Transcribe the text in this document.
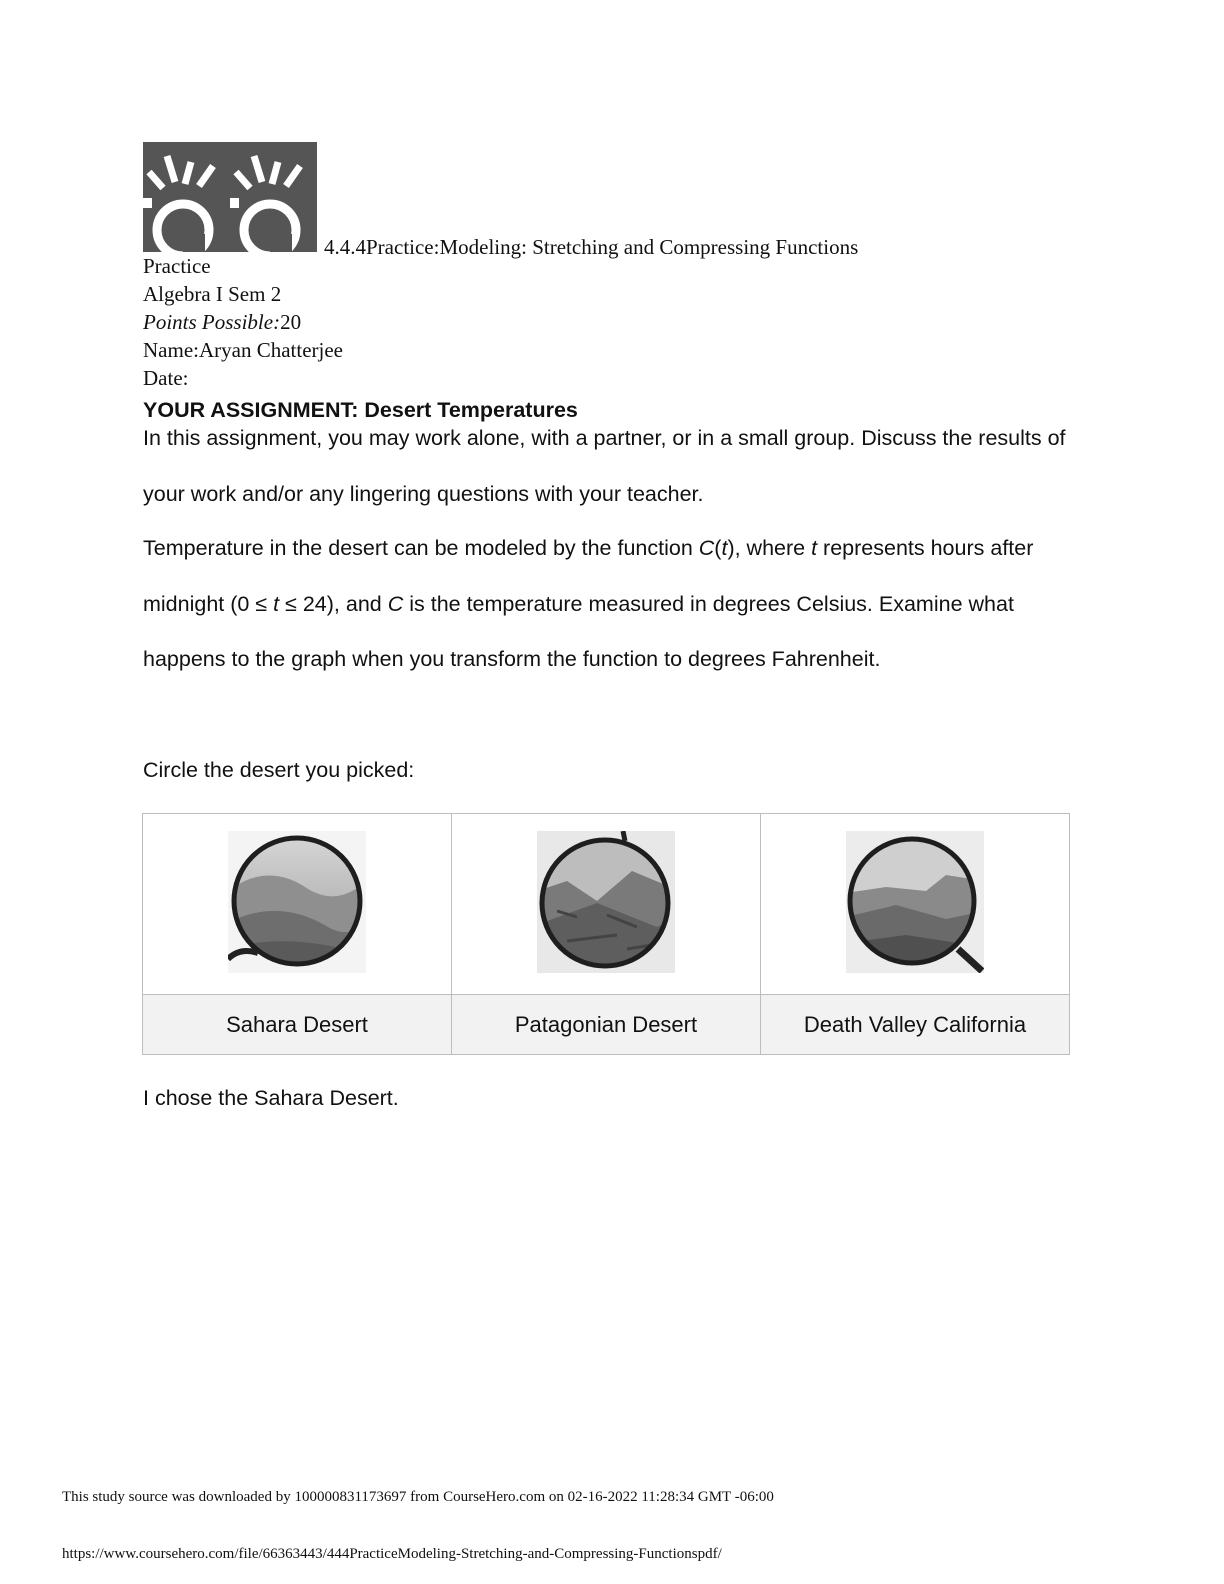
4.4.4Practice:Modeling: Stretching and Compressing Functions
Practice
Algebra I Sem 2
Points Possible:20
Name:Aryan Chatterjee
Date:
YOUR ASSIGNMENT: Desert Temperatures
In this assignment, you may work alone, with a partner, or in a small group. Discuss the results of your work and/or any lingering questions with your teacher.
Temperature in the desert can be modeled by the function C(t), where t represents hours after midnight (0 ≤ t ≤ 24), and C is the temperature measured in degrees Celsius. Examine what happens to the graph when you transform the function to degrees Fahrenheit.
Circle the desert you picked:

Sahara Desert	Patagonian Desert	Death Valley California
I chose the Sahara Desert.
This study source was downloaded by 100000831173697 from CourseHero.com on 02-16-2022 11:28:34 GMT -06:00
https://www.coursehero.com/file/66363443/444PracticeModeling-Stretching-and-Compressing-Functionspdf/
